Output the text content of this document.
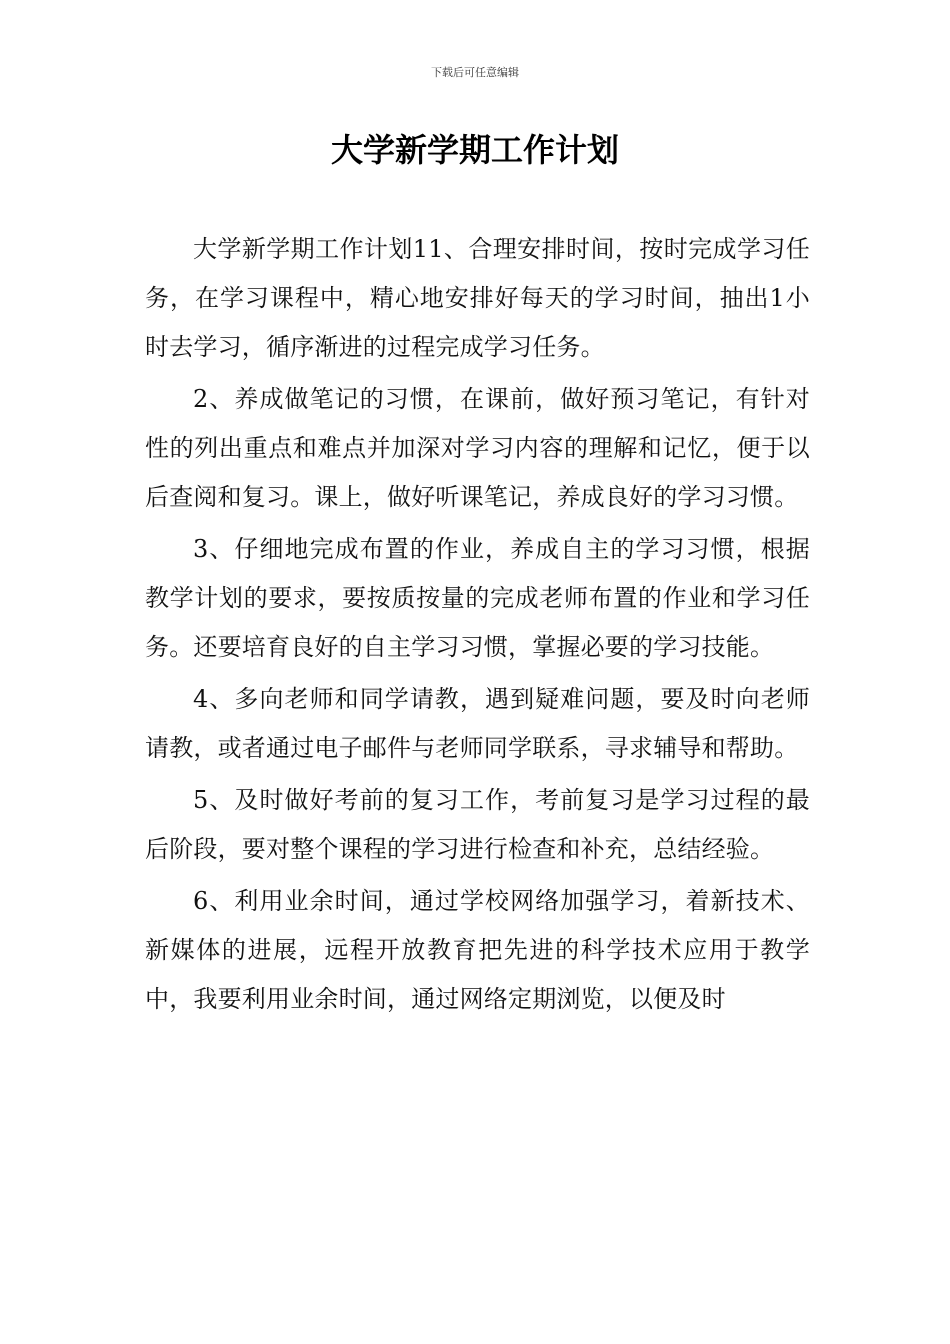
下载后可任意编辑
大学新学期工作计划

大学新学期工作计划11、合理安排时间，按时完成学习任务，在学习课程中，精心地安排好每天的学习时间，抽出1小时去学习，循序渐进的过程完成学习任务。

2、养成做笔记的习惯，在课前，做好预习笔记，有针对性的列出重点和难点并加深对学习内容的理解和记忆，便于以后查阅和复习。课上，做好听课笔记，养成良好的学习习惯。

3、仔细地完成布置的作业，养成自主的学习习惯，根据教学计划的要求，要按质按量的完成老师布置的作业和学习任务。还要培育良好的自主学习习惯，掌握必要的学习技能。

4、多向老师和同学请教，遇到疑难问题，要及时向老师请教，或者通过电子邮件与老师同学联系，寻求辅导和帮助。

5、及时做好考前的复习工作，考前复习是学习过程的最后阶段，要对整个课程的学习进行检查和补充，总结经验。

6、利用业余时间，通过学校网络加强学习，着新技术、新媒体的进展，远程开放教育把先进的科学技术应用于教学中，我要利用业余时间，通过网络定期浏览，以便及时
